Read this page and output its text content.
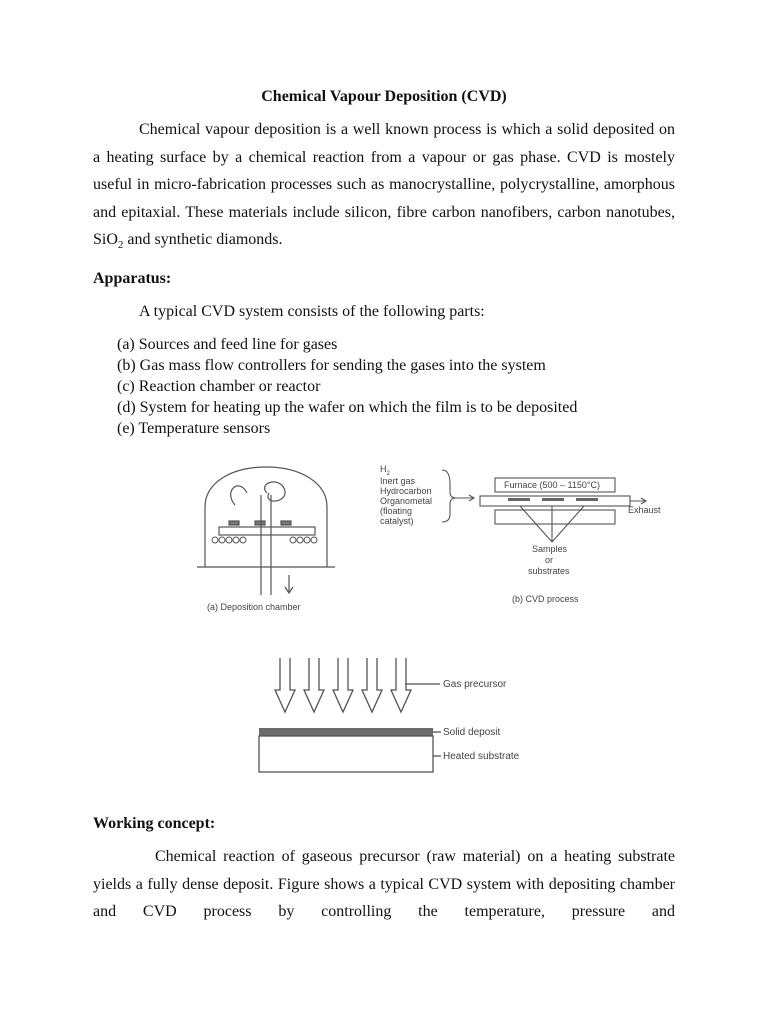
Chemical Vapour Deposition (CVD)
Chemical vapour deposition is a well known process is which a solid deposited on a heating surface by a chemical reaction from a vapour or gas phase. CVD is mostely useful in micro-fabrication processes such as manocrystalline, polycrystalline, amorphous and epitaxial. These materials include silicon, fibre carbon nanofibers, carbon nanotubes, SiO$_2$ and synthetic diamonds.
Apparatus:
A typical CVD system consists of the following parts:
(a) Sources and feed line for gases
(b) Gas mass flow controllers for sending the gases into the system
(c) Reaction chamber or reactor
(d) System for heating up the wafer on which the film is to be deposited
(e) Temperature sensors
(a) Deposition chamber
$H_2$
Inert gas
Hydrocarbon
Organometal
(floating
catalyst)
Furnace (500 – 1150°C)
Exhaust
Samples
or
substrates
(b) CVD process
Gas precursor
Solid deposit
Heated substrate
Working concept:
Chemical reaction of gaseous precursor (raw material) on a heating substrate yields a fully dense deposit. Figure shows a typical CVD system with depositing chamber and CVD process by controlling the temperature, pressure and
